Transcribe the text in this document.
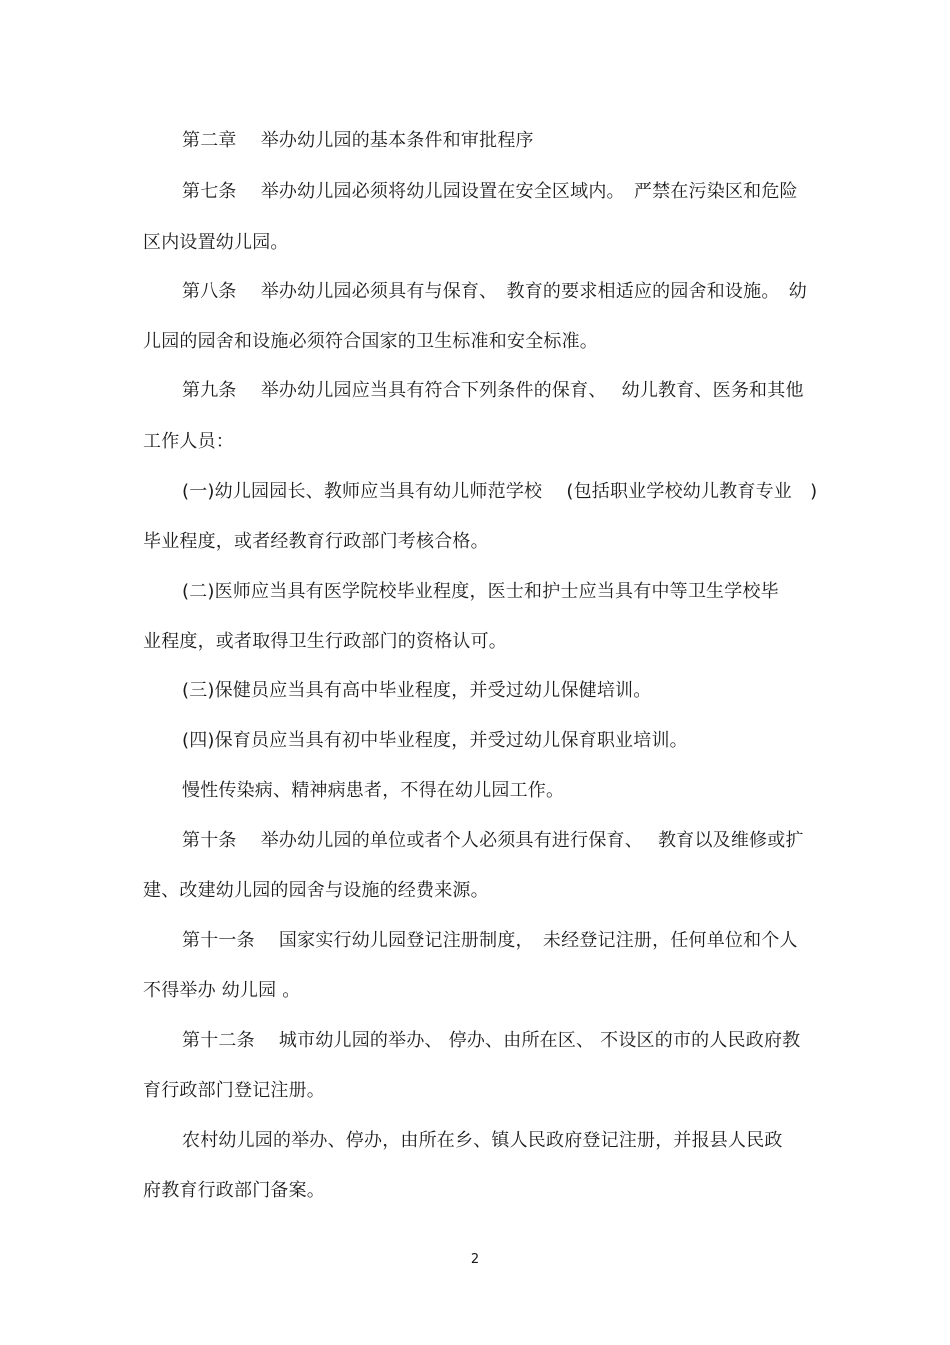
第二章　 举办幼儿园的基本条件和审批程序
第七条　 举办幼儿园必须将幼儿园设置在安全区域内。　严禁在污染区和危险
区内设置幼儿园。
第八条　 举办幼儿园必须具有与保育、　教育的要求相适应的园舍和设施。　幼
儿园的园舍和设施必须符合国家的卫生标准和安全标准。
第九条　 举办幼儿园应当具有符合下列条件的保育、　 幼儿教育、医务和其他
工作人员：
(一)幼儿园园长、教师应当具有幼儿师范学校　 (包括职业学校幼儿教育专业　)
毕业程度，或者经教育行政部门考核合格。
(二)医师应当具有医学院校毕业程度，医士和护士应当具有中等卫生学校毕
业程度，或者取得卫生行政部门的资格认可。
(三)保健员应当具有高中毕业程度，并受过幼儿保健培训。
(四)保育员应当具有初中毕业程度，并受过幼儿保育职业培训。
慢性传染病、精神病患者，不得在幼儿园工作。
第十条　 举办幼儿园的单位或者个人必须具有进行保育、　 教育以及维修或扩
建、改建幼儿园的园舍与设施的经费来源。
第十一条　 国家实行幼儿园登记注册制度，　未经登记注册，任何单位和个人
不得举办 幼儿园 。
第十二条　 城市幼儿园的举办、 停办、由所在区、 不设区的市的人民政府教
育行政部门登记注册。
农村幼儿园的举办、停办，由所在乡、镇人民政府登记注册，并报县人民政
府教育行政部门备案。
2
